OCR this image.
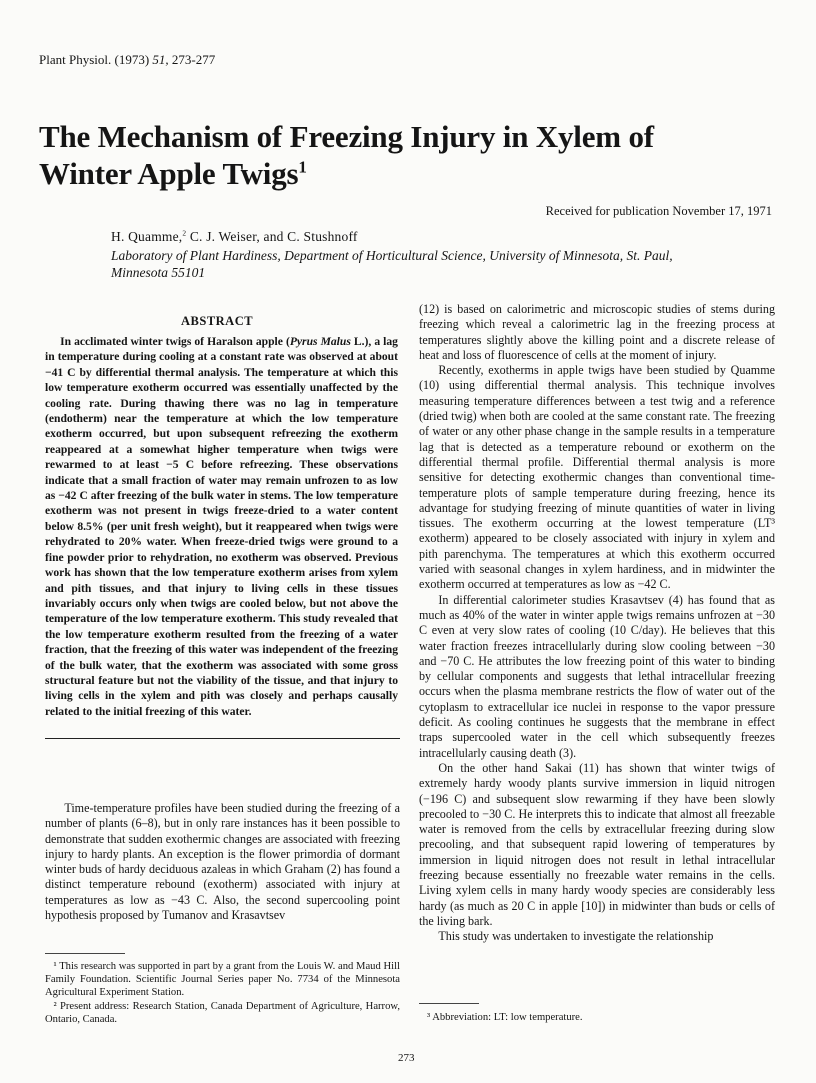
Plant Physiol. (1973) 51, 273-277
The Mechanism of Freezing Injury in Xylem of
Winter Apple Twigs$^1$
Received for publication November 17, 1971
H. Quamme,$^2$ C. J. Weiser, and C. Stushnoff
Laboratory of Plant Hardiness, Department of Horticultural Science, University of Minnesota, St. Paul,
Minnesota 55101
ABSTRACT

In acclimated winter twigs of Haralson apple (Pyrus Malus L.), a lag in temperature during cooling at a constant rate was observed at about −41 C by differential thermal analysis. The temperature at which this low temperature exotherm occurred was essentially unaffected by the cooling rate. During thawing there was no lag in temperature (endotherm) near the temperature at which the low temperature exotherm occurred, but upon subsequent refreezing the exotherm reappeared at a somewhat higher temperature when twigs were rewarmed to at least −5 C before refreezing. These observations indicate that a small fraction of water may remain unfrozen to as low as −42 C after freezing of the bulk water in stems. The low temperature exotherm was not present in twigs freeze-dried to a water content below 8.5% (per unit fresh weight), but it reappeared when twigs were rehydrated to 20% water. When freeze-dried twigs were ground to a fine powder prior to rehydration, no exotherm was observed. Previous work has shown that the low temperature exotherm arises from xylem and pith tissues, and that injury to living cells in these tissues invariably occurs only when twigs are cooled below, but not above the temperature of the low temperature exotherm. This study revealed that the low temperature exotherm resulted from the freezing of a water fraction, that the freezing of this water was independent of the freezing of the bulk water, that the exotherm was associated with some gross structural feature but not the viability of the tissue, and that injury to living cells in the xylem and pith was closely and perhaps causally related to the initial freezing of this water.

Time-temperature profiles have been studied during the freezing of a number of plants (6–8), but in only rare instances has it been possible to demonstrate that sudden exothermic changes are associated with freezing injury to hardy plants. An exception is the flower primordia of dormant winter buds of hardy deciduous azaleas in which Graham (2) has found a distinct temperature rebound (exotherm) associated with injury at temperatures as low as −43 C. Also, the second supercooling point hypothesis proposed by Tumanov and Krasavtsev

¹ This research was supported in part by a grant from the Louis W. and Maud Hill Family Foundation. Scientific Journal Series paper No. 7734 of the Minnesota Agricultural Experiment Station.

² Present address: Research Station, Canada Department of Agriculture, Harrow, Ontario, Canada.

(12) is based on calorimetric and microscopic studies of stems during freezing which reveal a calorimetric lag in the freezing process at temperatures slightly above the killing point and a discrete release of heat and loss of fluorescence of cells at the moment of injury.

Recently, exotherms in apple twigs have been studied by Quamme (10) using differential thermal analysis. This technique involves measuring temperature differences between a test twig and a reference (dried twig) when both are cooled at the same constant rate. The freezing of water or any other phase change in the sample results in a temperature lag that is detected as a temperature rebound or exotherm on the differential thermal profile. Differential thermal analysis is more sensitive for detecting exothermic changes than conventional time-temperature plots of sample temperature during freezing, hence its advantage for studying freezing of minute quantities of water in living tissues. The exotherm occurring at the lowest temperature (LT³ exotherm) appeared to be closely associated with injury in xylem and pith parenchyma. The temperatures at which this exotherm occurred varied with seasonal changes in xylem hardiness, and in midwinter the exotherm occurred at temperatures as low as −42 C.

In differential calorimeter studies Krasavtsev (4) has found that as much as 40% of the water in winter apple twigs remains unfrozen at −30 C even at very slow rates of cooling (10 C/day). He believes that this water fraction freezes intracellularly during slow cooling between −30 and −70 C. He attributes the low freezing point of this water to binding by cellular components and suggests that lethal intracellular freezing occurs when the plasma membrane restricts the flow of water out of the cytoplasm to extracellular ice nuclei in response to the vapor pressure deficit. As cooling continues he suggests that the membrane in effect traps supercooled water in the cell which subsequently freezes intracellularly causing death (3).

On the other hand Sakai (11) has shown that winter twigs of extremely hardy woody plants survive immersion in liquid nitrogen (−196 C) and subsequent slow rewarming if they have been slowly precooled to −30 C. He interprets this to indicate that almost all freezable water is removed from the cells by extracellular freezing during slow precooling, and that subsequent rapid lowering of temperatures by immersion in liquid nitrogen does not result in lethal intracellular freezing because essentially no freezable water remains in the cells. Living xylem cells in many hardy woody species are considerably less hardy (as much as 20 C in apple [10]) in midwinter than buds or cells of the living bark.

This study was undertaken to investigate the relationship

³ Abbreviation: LT: low temperature.
273
